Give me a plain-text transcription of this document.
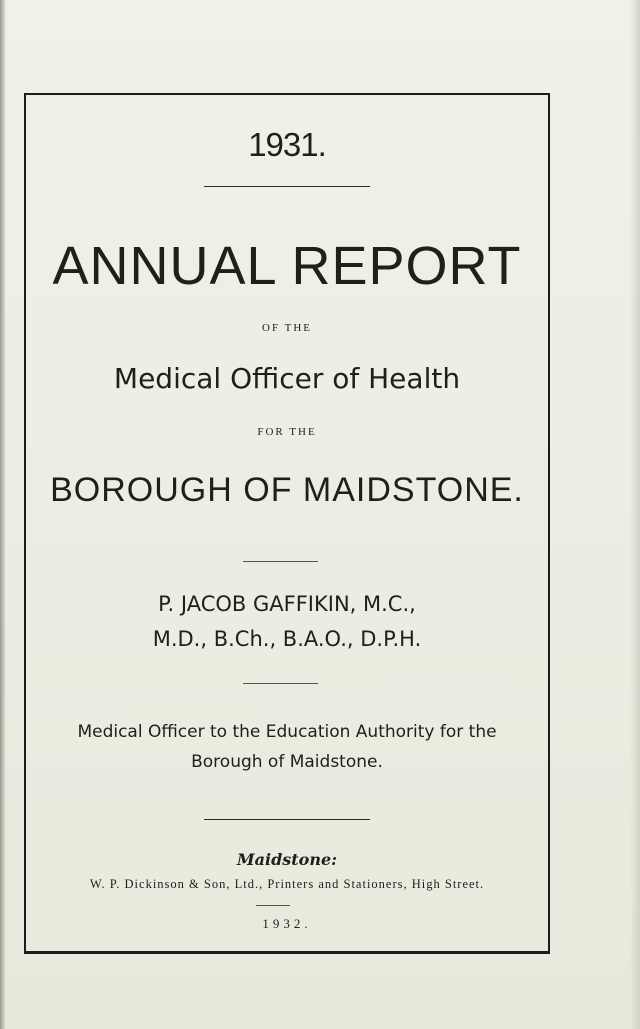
1931.

ANNUAL REPORT

OF THE

Medical Officer of Health

FOR THE

BOROUGH OF MAIDSTONE.

P. JACOB GAFFIKIN, M.C.,

M.D., B.Ch., B.A.O., D.P.H.

Medical Officer to the Education Authority for the

Borough of Maidstone.

Maidstone:

W. P. Dickinson & Son, Ltd., Printers and Stationers, High Street.

1932.
